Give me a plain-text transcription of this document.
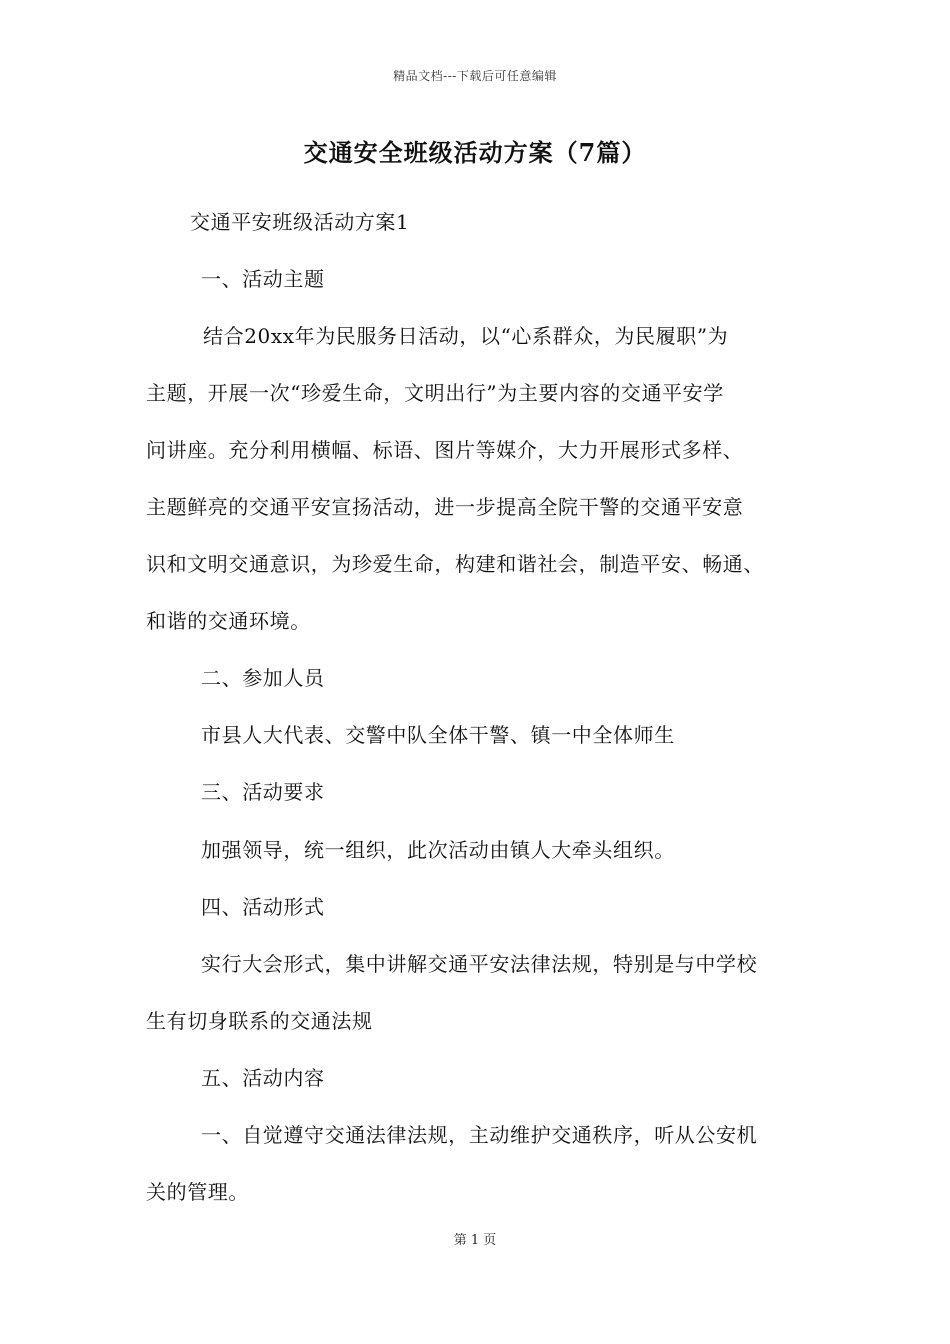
精品文档---下载后可任意编辑
交通安全班级活动方案（7篇）
交通平安班级活动方案1
一、活动主题
结合20xx年为民服务日活动，以“心系群众，为民履职”为
主题，开展一次“珍爱生命，文明出行”为主要内容的交通平安学
问讲座。充分利用横幅、标语、图片等媒介，大力开展形式多样、
主题鲜亮的交通平安宣扬活动，进一步提高全院干警的交通平安意
识和文明交通意识，为珍爱生命，构建和谐社会，制造平安、畅通、
和谐的交通环境。
二、参加人员
市县人大代表、交警中队全体干警、镇一中全体师生
三、活动要求
加强领导，统一组织，此次活动由镇人大牵头组织。
四、活动形式
实行大会形式，集中讲解交通平安法律法规，特别是与中学校
生有切身联系的交通法规
五、活动内容
一、自觉遵守交通法律法规，主动维护交通秩序，听从公安机
关的管理。
第 1 页
